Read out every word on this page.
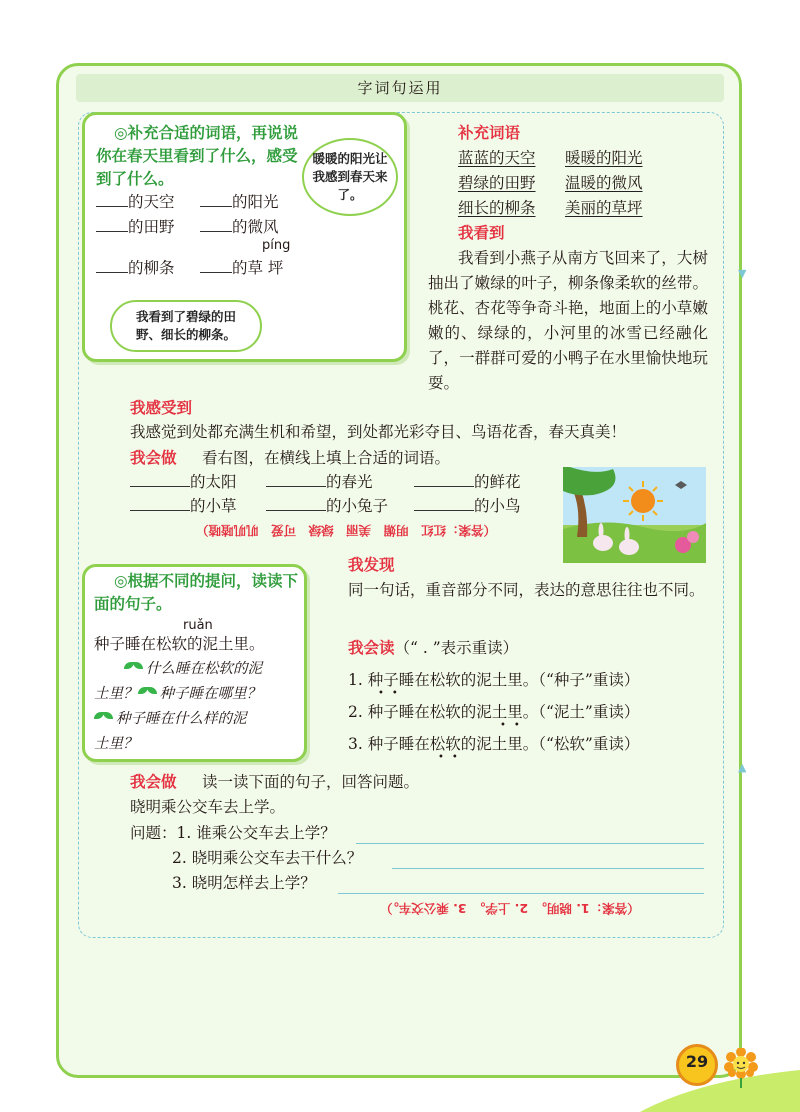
字词句运用
▼
▲
◎补充合适的词语，再说说你在春天里看到了什么，感受到了什么。
暖暖的阳光让我感到春天来了。
我看到了碧绿的田野、细长的柳条。
的天空	的阳光
的田野	的微风
píng
的柳条	的草 坪
补充词语
蓝蓝的天空 暖暖的阳光
碧绿的田野 温暖的微风
细长的柳条 美丽的草坪
我看到
我看到小燕子从南方飞回来了，大树抽出了嫩绿的叶子，柳条像柔软的丝带。桃花、杏花等争奇斗艳，地面上的小草嫩嫩的、绿绿的，小河里的冰雪已经融化了，一群群可爱的小鸭子在水里愉快地玩耍。
我感受到
我感觉到处都充满生机和希望，到处都光彩夺目、鸟语花香，春天真美！
我会做 看右图，在横线上填上合适的词语。
的太阳	的春光	的鲜花
的小草	的小兔子	的小鸟
（答案：红红　明媚　美丽　绿绿　可爱　叽叽喳喳）
◎根据不同的提问，读读下面的句子。
ruǎn
种子睡在松软的泥土里。
什么睡在松软的泥
土里？ 种子睡在哪里？
种子睡在什么样的泥
土里？
我发现
同一句话，重音部分不同，表达的意思往往也不同。
我会读（“ . ”表示重读）
1. 种子睡在松软的泥土里。（“种子”重读）
2. 种子睡在松软的泥土里。（“泥土”重读）
3. 种子睡在松软的泥土里。（“松软”重读）
••
••
••
我会做 读一读下面的句子，回答问题。
晓明乘公交车去上学。
问题：1. 谁乘公交车去上学？
2. 晓明乘公交车去干什么？
3. 晓明怎样去上学？
（答案：1. 晓明。　2. 上学。　3. 乘公交车。）
29
